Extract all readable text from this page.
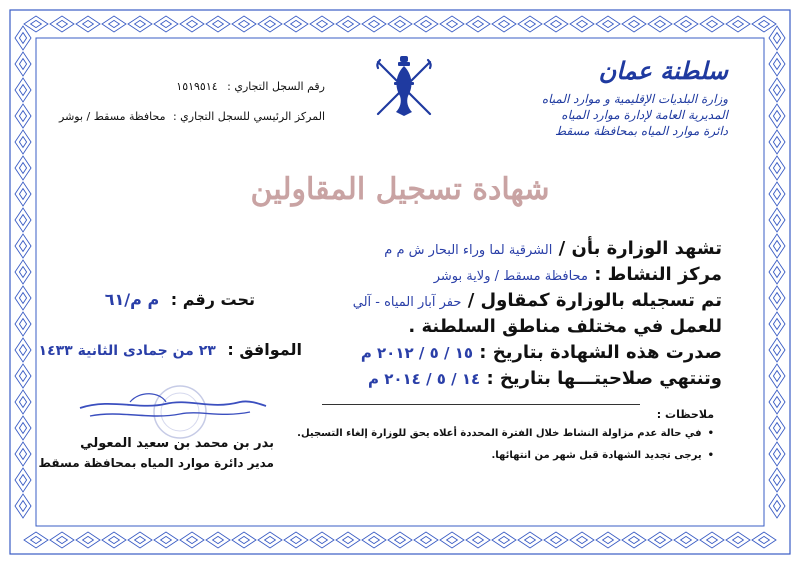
سلطنة عمان
وزارة البلديات الإقليمية و موارد المياه
المديرية العامة لإدارة موارد المياه
دائرة موارد المياه بمحافظة مسقط
رقم السجل التجاري : ١٥١٩٥١٤
المركز الرئيسي للسجل التجاري : محافظة مسقط / بوشر
شهادة تسجيل المقاولين
تشهد الوزارة بأن / الشرقية لما وراء البحار ش م م
مركز النشاط : محافظة مسقط / ولاية بوشر
تم تسجيله بالوزارة كمقاول / حفر آبار المياه - آلي
تحت رقم : م م/٦١
للعمل في مختلف مناطق السلطنة .
صدرت هذه الشهادة بتاريخ : ١٥ / ٥ / ٢٠١٢ م
الموافق : ٢٣ من جمادى الثانية ١٤٣٣
وتنتهي صلاحيتـــها بتاريخ : ١٤ / ٥ / ٢٠١٤ م
ملاحظات :
•في حالة عدم مزاولة النشاط خلال الفترة المحددة أعلاه يحق للوزارة إلغاء التسجيل.
•يرجى تجديد الشهادة قبل شهر من انتهائها.
بدر بن محمد بن سعيد المعولي
مدير دائرة موارد المياه بمحافظة مسقط
